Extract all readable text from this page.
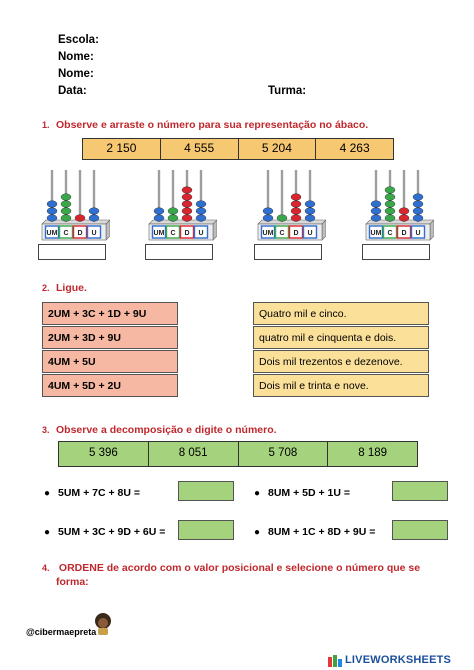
Escola:
Nome:
Nome:
Data:	Turma:
1. Observe e arraste o número para sua representação no ábaco.
2 150	4 555	5 204	4 263
UM C D U	UM C D U	UM C D U	UM C D U
2. Ligue.
2UM + 3C + 1D + 9U
2UM + 3D + 9U
4UM + 5U
4UM + 5D + 2U
Quatro mil e cinco.
quatro mil e cinquenta e dois.
Dois mil trezentos e dezenove.
Dois mil e trinta e nove.
3. Observe a decomposição e digite o número.
5 396	8 051	5 708	8 189
● 5UM + 7C + 8U =	● 8UM + 5D + 1U =
● 5UM + 3C + 9D + 6U =	● 8UM + 1C + 8D + 9U =
4. ORDENE de acordo com o valor posicional e selecione o número que se
forma:
@cibermaepreta
LIVEWORKSHEETS
